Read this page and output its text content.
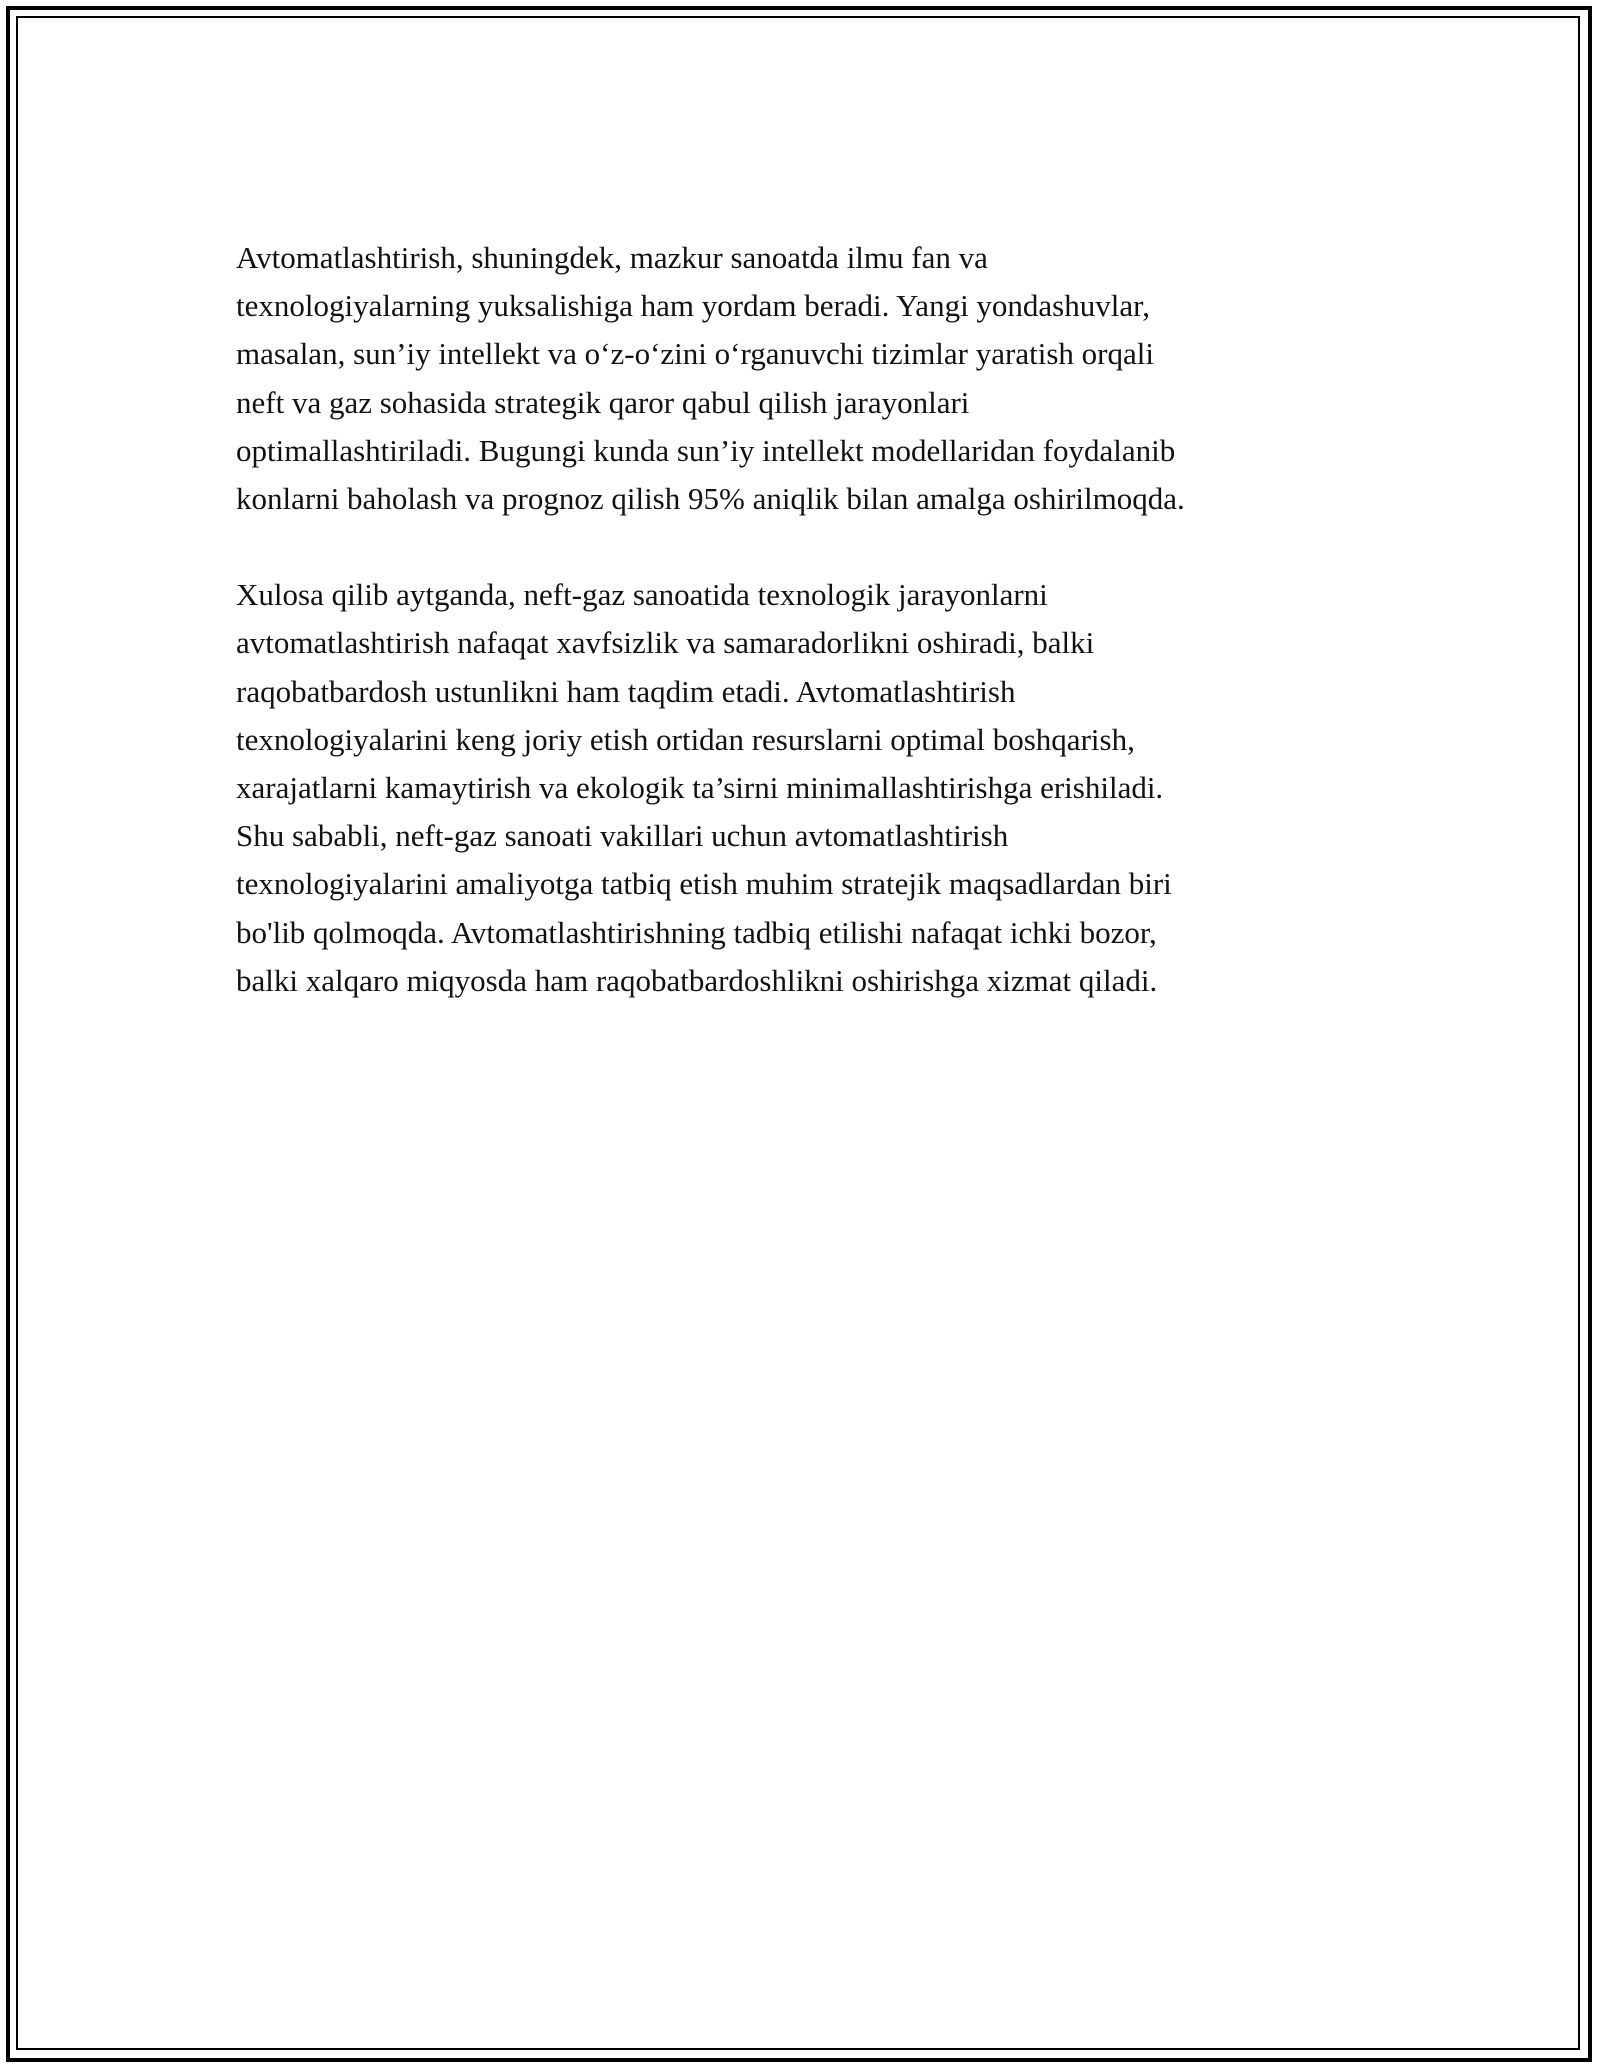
Avtomatlashtirish, shuningdek, mazkur sanoatda ilmu fan va
texnologiyalarning yuksalishiga ham yordam beradi. Yangi yondashuvlar,
masalan, sun’iy intellekt va o‘z-o‘zini o‘rganuvchi tizimlar yaratish orqali
neft va gaz sohasida strategik qaror qabul qilish jarayonlari
optimallashtiriladi. Bugungi kunda sun’iy intellekt modellaridan foydalanib
konlarni baholash va prognoz qilish 95% aniqlik bilan amalga oshirilmoqda.

Xulosa qilib aytganda, neft-gaz sanoatida texnologik jarayonlarni
avtomatlashtirish nafaqat xavfsizlik va samaradorlikni oshiradi, balki
raqobatbardosh ustunlikni ham taqdim etadi. Avtomatlashtirish
texnologiyalarini keng joriy etish ortidan resurslarni optimal boshqarish,
xarajatlarni kamaytirish va ekologik ta’sirni minimallashtirishga erishiladi.
Shu sababli, neft-gaz sanoati vakillari uchun avtomatlashtirish
texnologiyalarini amaliyotga tatbiq etish muhim stratejik maqsadlardan biri
bo'lib qolmoqda. Avtomatlashtirishning tadbiq etilishi nafaqat ichki bozor,
balki xalqaro miqyosda ham raqobatbardoshlikni oshirishga xizmat qiladi.
